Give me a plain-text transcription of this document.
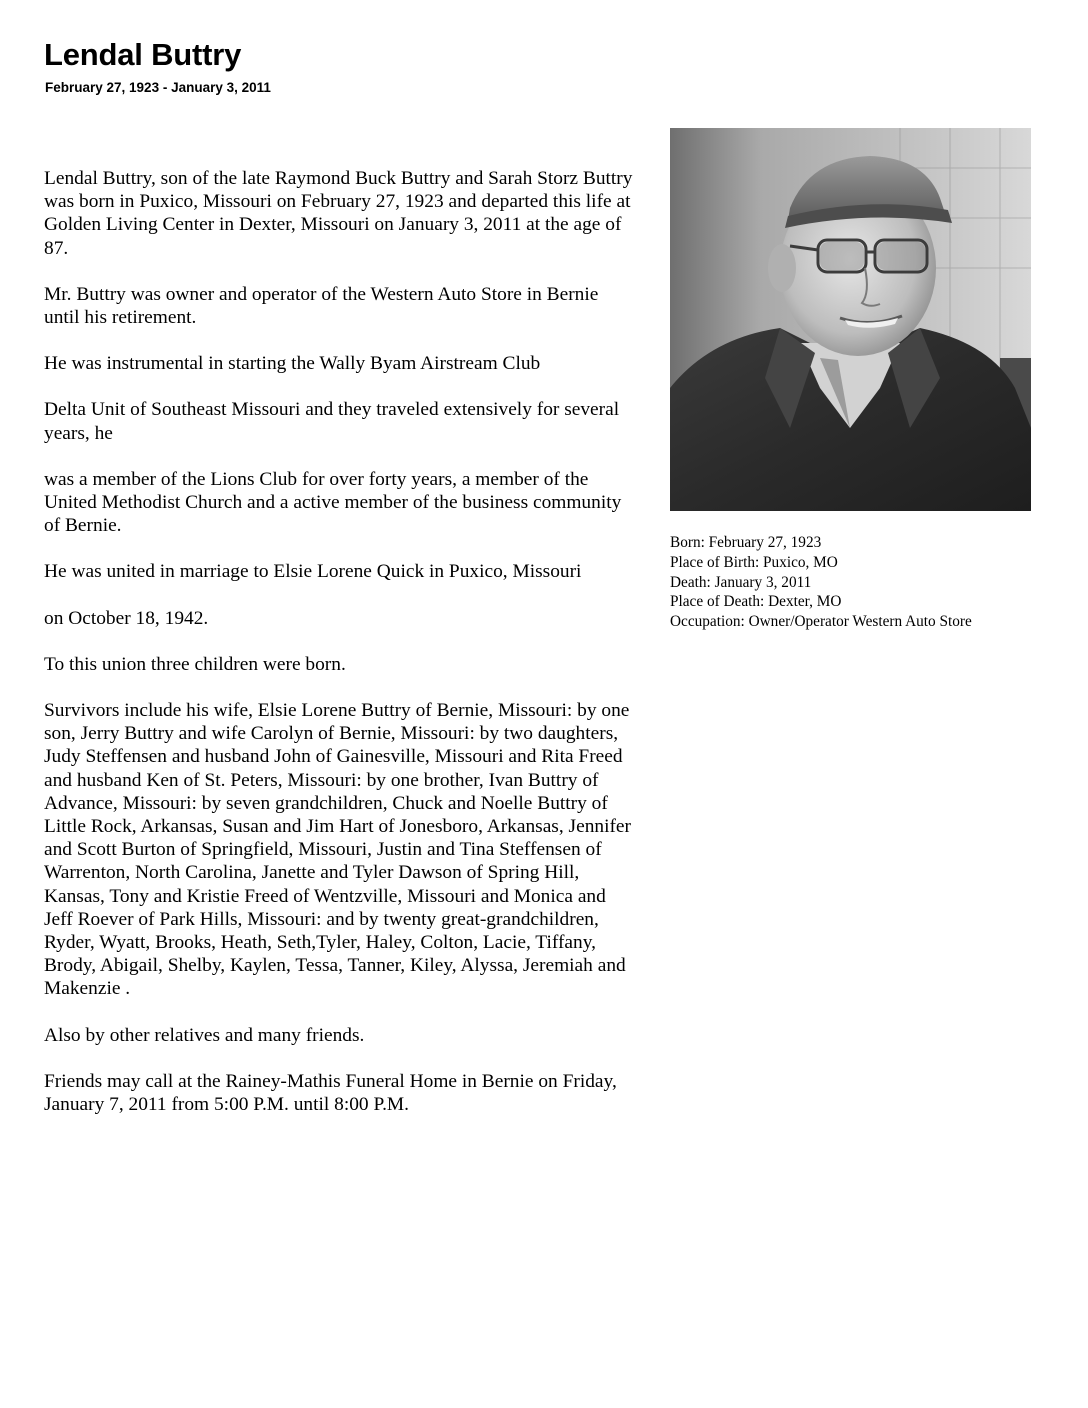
Lendal Buttry
February 27, 1923 - January 3, 2011

Lendal Buttry, son of the late Raymond Buck Buttry and Sarah Storz Buttry was born in Puxico, Missouri on February 27, 1923 and departed this life at Golden Living Center in Dexter, Missouri on January 3, 2011 at the age of 87.

Mr. Buttry was owner and operator of the Western Auto Store in Bernie until his retirement.

He was instrumental in starting the Wally Byam Airstream Club

Delta Unit of Southeast Missouri and they traveled extensively for several years, he

was a member of the Lions Club for over forty years, a member of the United Methodist Church and a active member of the business community of Bernie.

He was united in marriage to Elsie Lorene Quick in Puxico, Missouri

on October 18, 1942.

To this union three children were born.

Survivors include his wife, Elsie Lorene Buttry of Bernie, Missouri: by one son, Jerry Buttry and wife Carolyn of Bernie, Missouri: by two daughters, Judy Steffensen and husband John of Gainesville, Missouri and Rita Freed and husband Ken of St. Peters, Missouri: by one brother, Ivan Buttry of Advance, Missouri: by seven grandchildren, Chuck and Noelle Buttry of Little Rock, Arkansas, Susan and Jim Hart of Jonesboro, Arkansas, Jennifer and Scott Burton of Springfield, Missouri, Justin and Tina Steffensen of Warrenton, North Carolina, Janette and Tyler Dawson of Spring Hill, Kansas, Tony and Kristie Freed of Wentzville, Missouri and Monica and Jeff Roever of Park Hills, Missouri: and by twenty great-grandchildren, Ryder, Wyatt, Brooks, Heath, Seth,Tyler, Haley, Colton, Lacie, Tiffany, Brody, Abigail, Shelby, Kaylen, Tessa, Tanner, Kiley, Alyssa, Jeremiah and Makenzie .

Also by other relatives and many friends.

Friends may call at the Rainey-Mathis Funeral Home in Bernie on Friday, January 7, 2011 from 5:00 P.M. until 8:00 P.M.

Born: February 27, 1923
Place of Birth: Puxico, MO
Death: January 3, 2011
Place of Death: Dexter, MO
Occupation: Owner/Operator Western Auto Store
